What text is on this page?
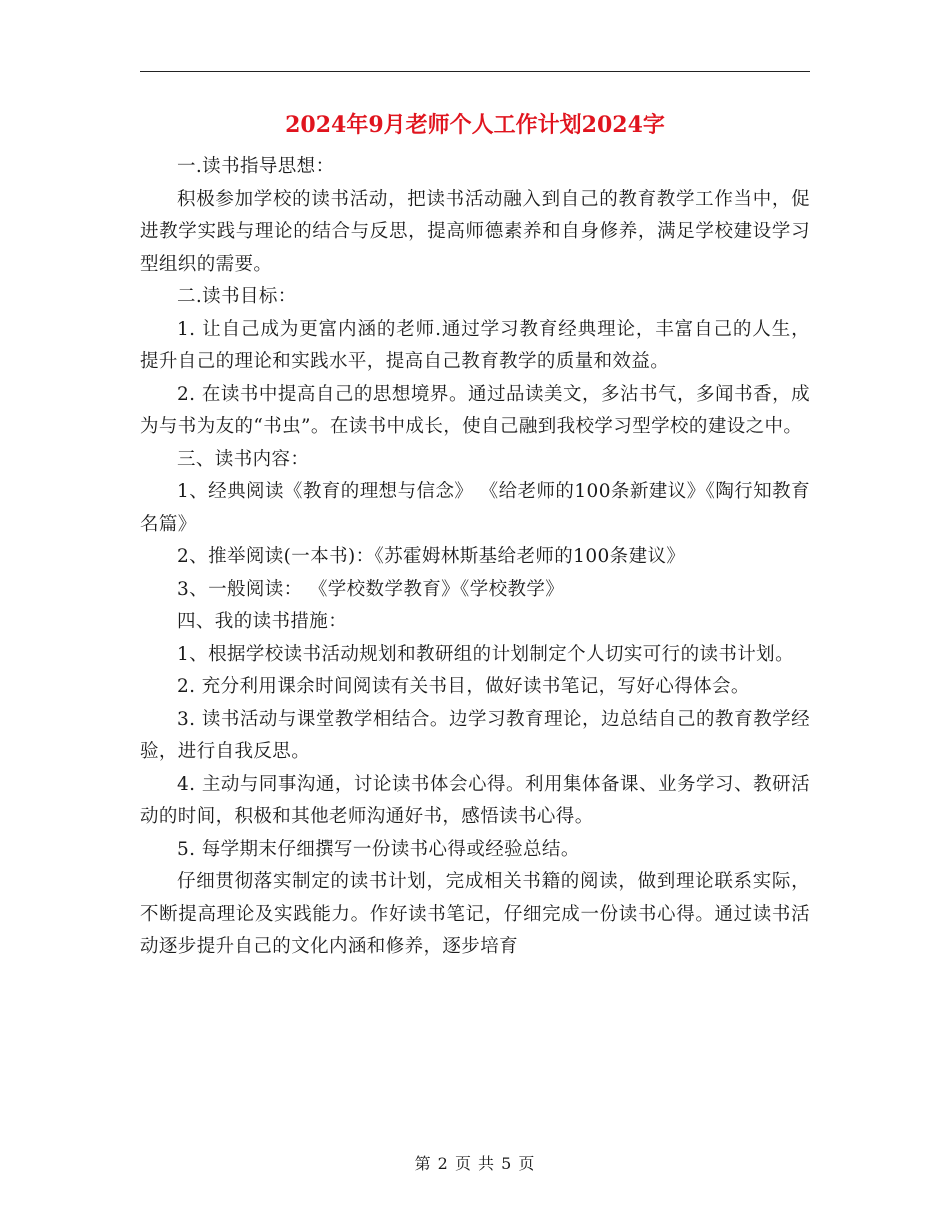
2024年9月老师个人工作计划2024字

一.读书指导思想：

积极参加学校的读书活动，把读书活动融入到自己的教育教学工作当中，促进教学实践与理论的结合与反思，提高师德素养和自身修养，满足学校建设学习型组织的需要。

二.读书目标：

1. 让自己成为更富内涵的老师.通过学习教育经典理论，丰富自己的人生，提升自己的理论和实践水平，提高自己教育教学的质量和效益。

2. 在读书中提高自己的思想境界。通过品读美文，多沾书气，多闻书香，成为与书为友的“书虫”。在读书中成长，使自己融到我校学习型学校的建设之中。

三、读书内容：

1、经典阅读《教育的理想与信念》 《给老师的100条新建议》《陶行知教育名篇》

2、推举阅读(一本书)：《苏霍姆林斯基给老师的100条建议》

3、一般阅读： 《学校数学教育》《学校教学》

四、我的读书措施：

1、根据学校读书活动规划和教研组的计划制定个人切实可行的读书计划。

2. 充分利用课余时间阅读有关书目，做好读书笔记，写好心得体会。

3. 读书活动与课堂教学相结合。边学习教育理论，边总结自己的教育教学经验，进行自我反思。

4. 主动与同事沟通，讨论读书体会心得。利用集体备课、业务学习、教研活动的时间，积极和其他老师沟通好书，感悟读书心得。

5. 每学期末仔细撰写一份读书心得或经验总结。

仔细贯彻落实制定的读书计划，完成相关书籍的阅读，做到理论联系实际，不断提高理论及实践能力。作好读书笔记，仔细完成一份读书心得。通过读书活动逐步提升自己的文化内涵和修养，逐步培育

第 2 页 共 5 页
